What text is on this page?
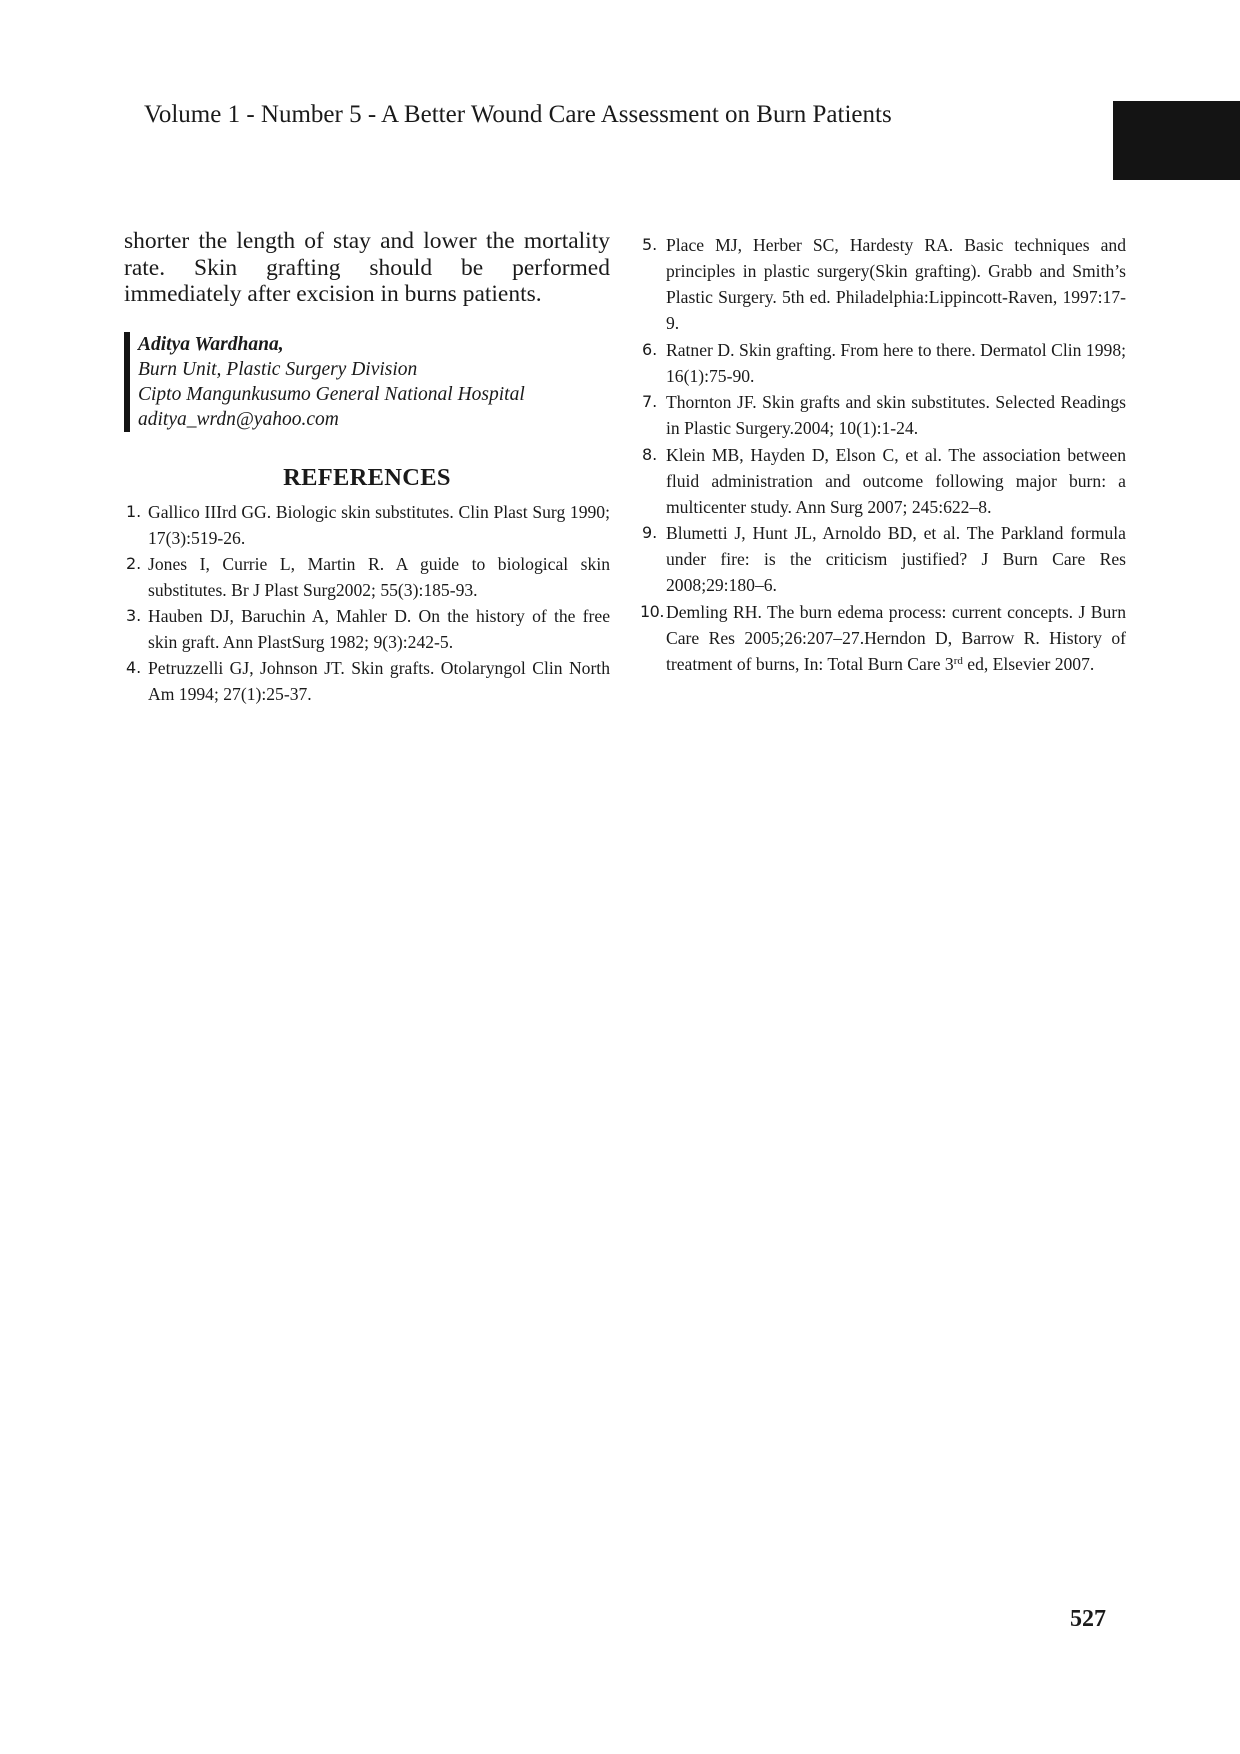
Volume 1 - Number 5 - A Better Wound Care Assessment on Burn Patients

shorter the length of stay and lower the mortality rate. Skin grafting should be performed immediately after excision in burns patients.

Aditya Wardhana,
Burn Unit, Plastic Surgery Division
Cipto Mangunkusumo General National Hospital
aditya_wrdn@yahoo.com
REFERENCES
1. Gallico IIIrd GG. Biologic skin substitutes. Clin Plast Surg 1990; 17(3):519-26.
2. Jones I, Currie L, Martin R. A guide to biological skin substitutes. Br J Plast Surg2002; 55(3):185-93.
3. Hauben DJ, Baruchin A, Mahler D. On the history of the free skin graft. Ann PlastSurg 1982; 9(3):242-5.
4. Petruzzelli GJ, Johnson JT. Skin grafts. Otolaryngol Clin North Am 1994; 27(1):25-37.
5. Place MJ, Herber SC, Hardesty RA. Basic techniques and principles in plastic surgery(Skin grafting). Grabb and Smith’s Plastic Surgery. 5th ed. Philadelphia:Lippincott-Raven, 1997:17-9.
6. Ratner D. Skin grafting. From here to there. Dermatol Clin 1998; 16(1):75-90.
7. Thornton JF. Skin grafts and skin substitutes. Selected Readings in Plastic Surgery.2004; 10(1):1-24.
8. Klein MB, Hayden D, Elson C, et al. The association between fluid administration and outcome following major burn: a multicenter study. Ann Surg 2007; 245:622–8.
9. Blumetti J, Hunt JL, Arnoldo BD, et al. The Parkland formula under fire: is the criticism justified? J Burn Care Res 2008;29:180–6.
10. Demling RH. The burn edema process: current concepts. J Burn Care Res 2005;26:207–27.Herndon D, Barrow R. History of treatment of burns, In: Total Burn Care 3rd ed, Elsevier 2007.
527
